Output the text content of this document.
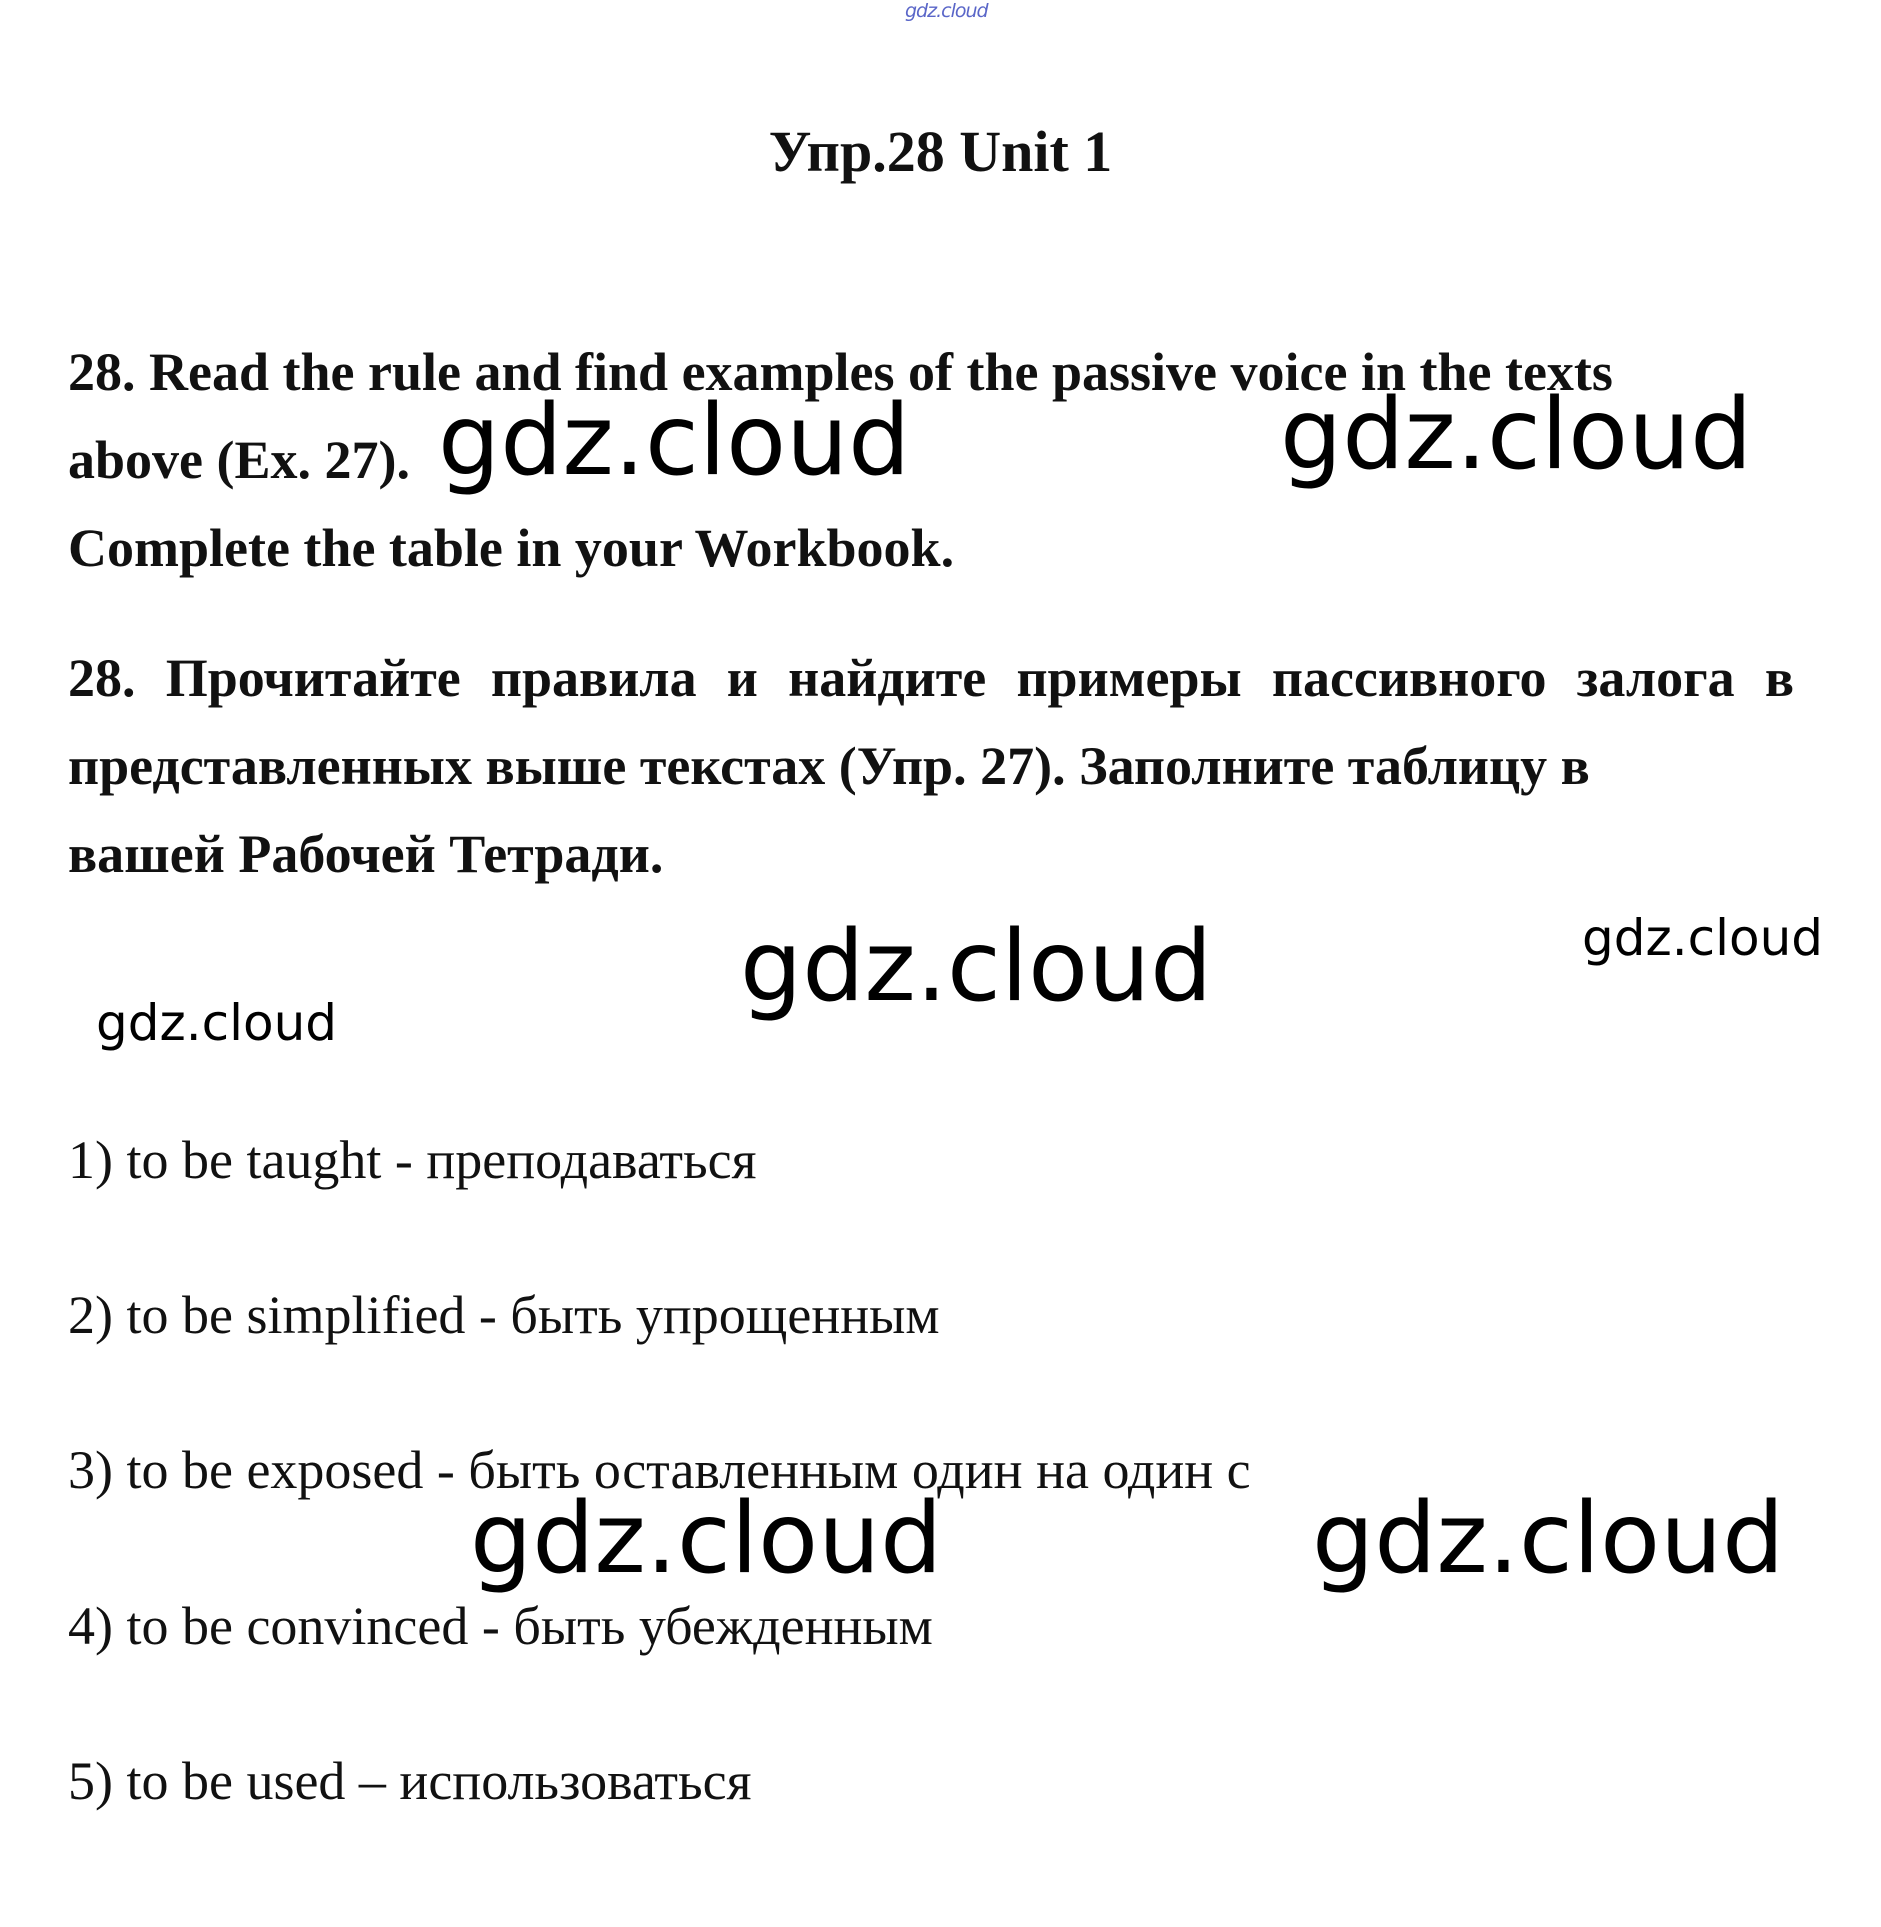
gdz.cloud
Упр.28 Unit 1
28. Read the rule and find examples of the passive voice in the texts
above (Ex. 27).
Complete the table in your Workbook.
28. Прочитайте правила и найдите примеры пассивного залога в представленных выше текстах (Упр. 27). Заполните таблицу в
вашей Рабочей Тетради.
1) to be taught - преподаваться
2) to be simplified - быть упрощенным
3) to be exposed - быть оставленным один на один с
4) to be convinced - быть убежденным
5) to be used – использоваться
gdz.cloud	gdz.cloud
gdz.cloud	gdz.cloud
gdz.cloud
gdz.cloud	gdz.cloud
